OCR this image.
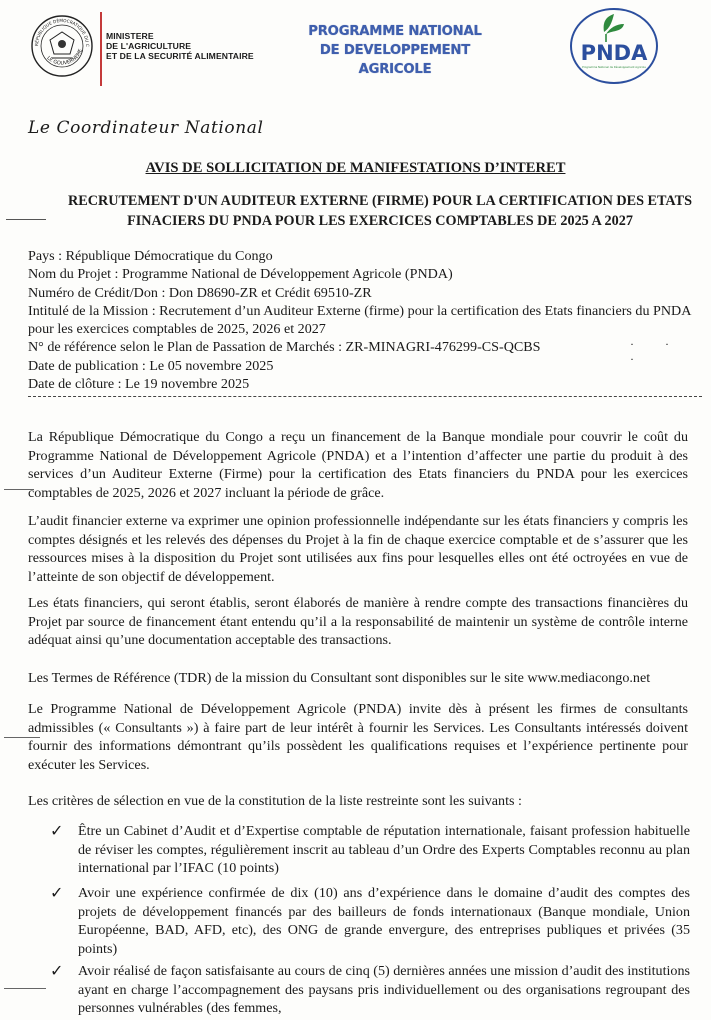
RÉPUBLIQUE DÉMOCRATIQUE DU C
LE GOUVERNEME
MINISTERE
DE L'AGRICULTURE
ET DE LA SECURITÉ ALIMENTAIRE
PROGRAMME NATIONAL
DE DEVELOPPEMENT
AGRICOLE
PNDA
Programme National de Développement Agricole
Le Coordinateur National
AVIS DE SOLLICITATION DE MANIFESTATIONS D’INTERET
RECRUTEMENT D'UN AUDITEUR EXTERNE (FIRME) POUR LA CERTIFICATION DES ETATS FINACIERS DU PNDA POUR LES EXERCICES COMPTABLES DE 2025 A 2027
Pays : République Démocratique du Congo
Nom du Projet : Programme National de Développement Agricole (PNDA)
Numéro de Crédit/Don : Don D8690-ZR et Crédit 69510-ZR
Intitulé de la Mission : Recrutement d’un Auditeur Externe (firme) pour la certification des Etats financiers du PNDA pour les exercices comptables de 2025, 2026 et 2027
N° de référence selon le Plan de Passation de Marchés : ZR-MINAGRI-476299-CS-QCBS
Date de publication : Le 05 novembre 2025
Date de clôture : Le 19 novembre 2025
· · ·
La République Démocratique du Congo a reçu un financement de la Banque mondiale pour couvrir le coût du Programme National de Développement Agricole (PNDA) et a l’intention d’affecter une partie du produit à des services d’un Auditeur Externe (Firme) pour la certification des Etats financiers du PNDA pour les exercices comptables de 2025, 2026 et 2027 incluant la période de grâce.
L’audit financier externe va exprimer une opinion professionnelle indépendante sur les états financiers y compris les comptes désignés et les relevés des dépenses du Projet à la fin de chaque exercice comptable et de s’assurer que les ressources mises à la disposition du Projet sont utilisées aux fins pour lesquelles elles ont été octroyées en vue de l’atteinte de son objectif de développement.
Les états financiers, qui seront établis, seront élaborés de manière à rendre compte des transactions financières du Projet par source de financement étant entendu qu’il a la responsabilité de maintenir un système de contrôle interne adéquat ainsi qu’une documentation acceptable des transactions.
Les Termes de Référence (TDR) de la mission du Consultant sont disponibles sur le site www.mediacongo.net
Le Programme National de Développement Agricole (PNDA) invite dès à présent les firmes de consultants admissibles (« Consultants ») à faire part de leur intérêt à fournir les Services. Les Consultants intéressés doivent fournir des informations démontrant qu’ils possèdent les qualifications requises et l’expérience pertinente pour exécuter les Services.
Les critères de sélection en vue de la constitution de la liste restreinte sont les suivants :
✓ Être un Cabinet d’Audit et d’Expertise comptable de réputation internationale, faisant profession habituelle de réviser les comptes, régulièrement inscrit au tableau d’un Ordre des Experts Comptables reconnu au plan international par l’IFAC (10 points)
✓ Avoir une expérience confirmée de dix (10) ans d’expérience dans le domaine d’audit des comptes des projets de développement financés par des bailleurs de fonds internationaux (Banque mondiale, Union Européenne, BAD, AFD, etc), des ONG de grande envergure, des entreprises publiques et privées (35 points)
✓ Avoir réalisé de façon satisfaisante au cours de cinq (5) dernières années une mission d’audit des institutions ayant en charge l’accompagnement des paysans pris individuellement ou des organisations regroupant des personnes vulnérables (des femmes,
